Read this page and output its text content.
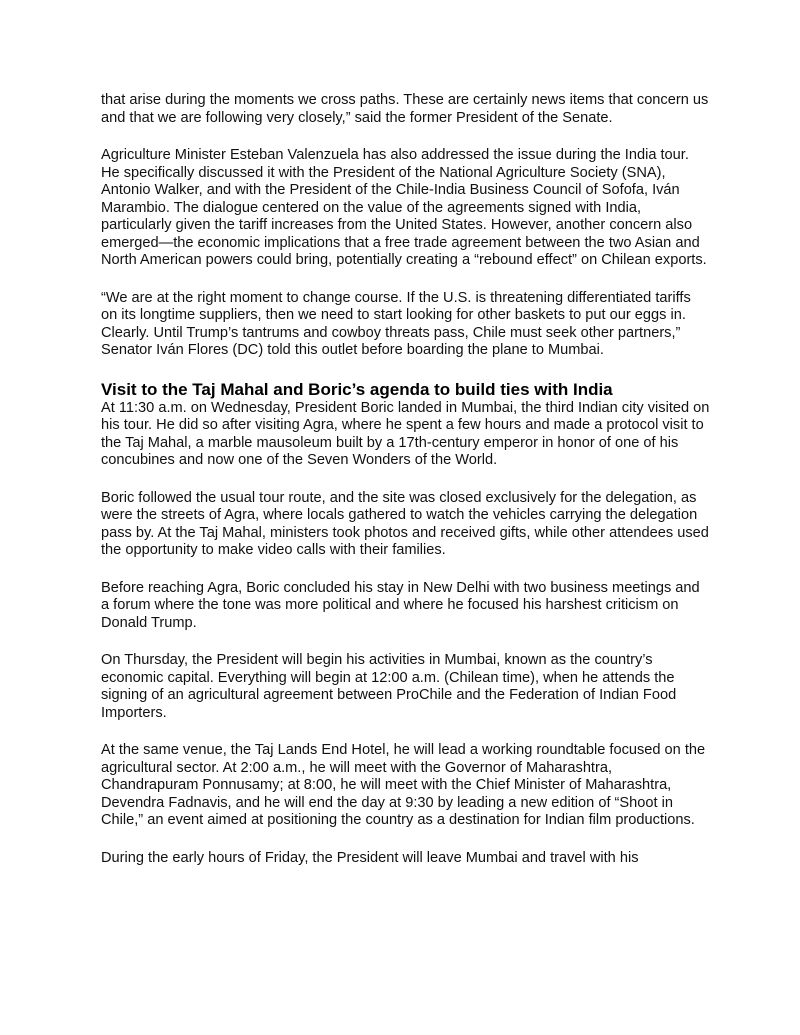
that arise during the moments we cross paths. These are certainly news items that concern us and that we are following very closely,” said the former President of the Senate.

Agriculture Minister Esteban Valenzuela has also addressed the issue during the India tour. He specifically discussed it with the President of the National Agriculture Society (SNA), Antonio Walker, and with the President of the Chile-India Business Council of Sofofa, Iván Marambio. The dialogue centered on the value of the agreements signed with India, particularly given the tariff increases from the United States. However, another concern also emerged—the economic implications that a free trade agreement between the two Asian and North American powers could bring, potentially creating a “rebound effect” on Chilean exports.

“We are at the right moment to change course. If the U.S. is threatening differentiated tariffs on its longtime suppliers, then we need to start looking for other baskets to put our eggs in. Clearly. Until Trump’s tantrums and cowboy threats pass, Chile must seek other partners,” Senator Iván Flores (DC) told this outlet before boarding the plane to Mumbai.

Visit to the Taj Mahal and Boric’s agenda to build ties with India

At 11:30 a.m. on Wednesday, President Boric landed in Mumbai, the third Indian city visited on his tour. He did so after visiting Agra, where he spent a few hours and made a protocol visit to the Taj Mahal, a marble mausoleum built by a 17th-century emperor in honor of one of his concubines and now one of the Seven Wonders of the World.

Boric followed the usual tour route, and the site was closed exclusively for the delegation, as were the streets of Agra, where locals gathered to watch the vehicles carrying the delegation pass by. At the Taj Mahal, ministers took photos and received gifts, while other attendees used the opportunity to make video calls with their families.

Before reaching Agra, Boric concluded his stay in New Delhi with two business meetings and a forum where the tone was more political and where he focused his harshest criticism on Donald Trump.

On Thursday, the President will begin his activities in Mumbai, known as the country’s economic capital. Everything will begin at 12:00 a.m. (Chilean time), when he attends the signing of an agricultural agreement between ProChile and the Federation of Indian Food Importers.

At the same venue, the Taj Lands End Hotel, he will lead a working roundtable focused on the agricultural sector. At 2:00 a.m., he will meet with the Governor of Maharashtra, Chandrapuram Ponnusamy; at 8:00, he will meet with the Chief Minister of Maharashtra, Devendra Fadnavis, and he will end the day at 9:30 by leading a new edition of “Shoot in Chile,” an event aimed at positioning the country as a destination for Indian film productions.

During the early hours of Friday, the President will leave Mumbai and travel with his
